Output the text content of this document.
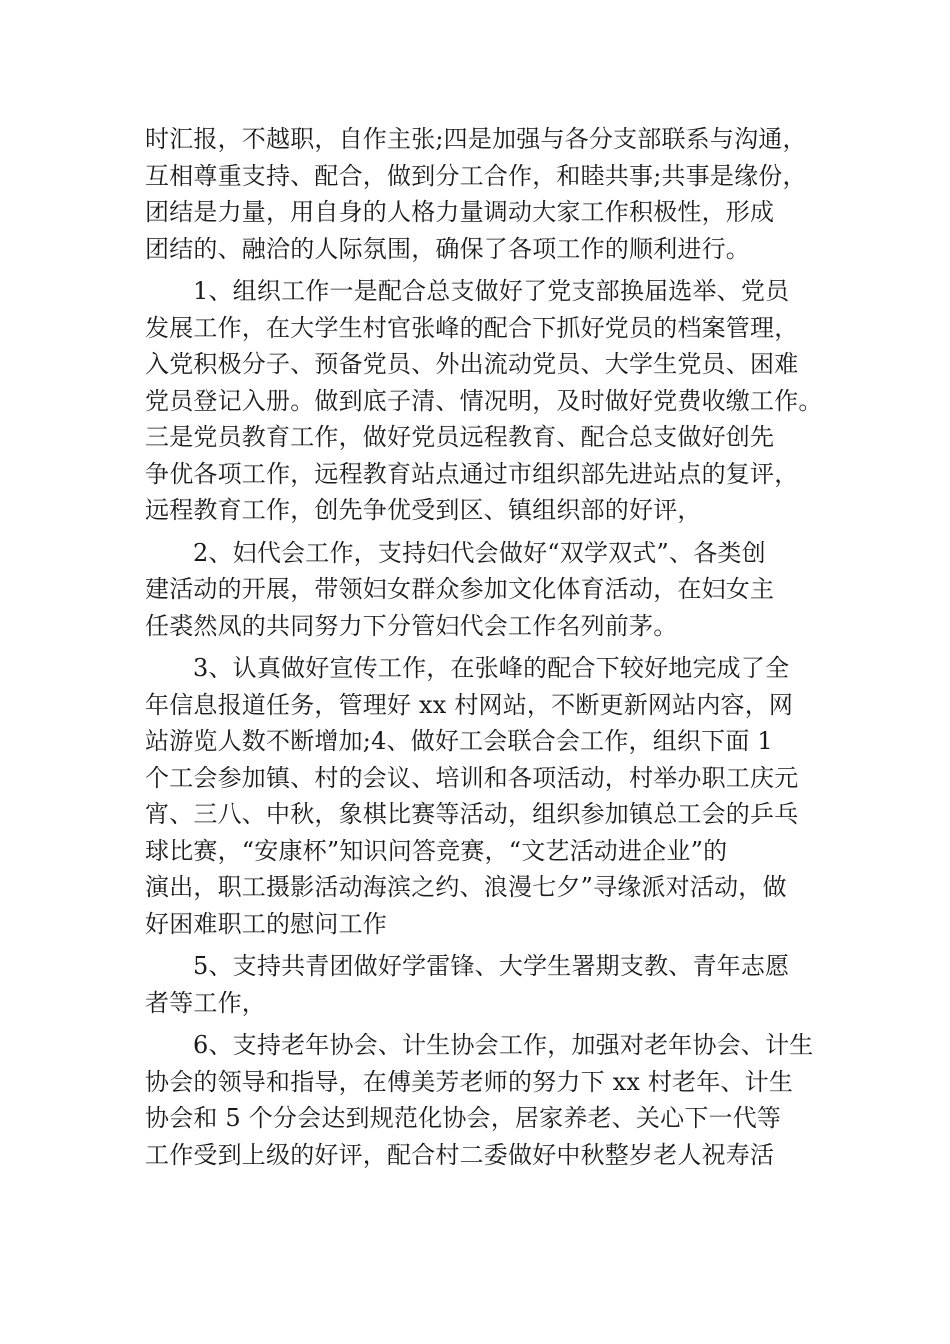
时汇报，不越职，自作主张;四是加强与各分支部联系与沟通，
互相尊重支持、配合，做到分工合作，和睦共事;共事是缘份，
团结是力量，用自身的人格力量调动大家工作积极性，形成
团结的、融洽的人际氛围，确保了各项工作的顺利进行。
1、组织工作一是配合总支做好了党支部换届选举、党员
发展工作，在大学生村官张峰的配合下抓好党员的档案管理，
入党积极分子、预备党员、外出流动党员、大学生党员、困难
党员登记入册。做到底子清、情况明，及时做好党费收缴工作。
三是党员教育工作，做好党员远程教育、配合总支做好创先
争优各项工作，远程教育站点通过市组织部先进站点的复评，
远程教育工作，创先争优受到区、镇组织部的好评，
2、妇代会工作，支持妇代会做好“双学双式”、各类创
建活动的开展，带领妇女群众参加文化体育活动，在妇女主
任裘然凤的共同努力下分管妇代会工作名列前茅。
3、认真做好宣传工作，在张峰的配合下较好地完成了全
年信息报道任务，管理好 xx 村网站，不断更新网站内容，网
站游览人数不断增加;4、做好工会联合会工作，组织下面 1
个工会参加镇、村的会议、培训和各项活动，村举办职工庆元
宵、三八、中秋，象棋比赛等活动，组织参加镇总工会的乒乓
球比赛，“安康杯”知识问答竞赛，“文艺活动进企业”的
演出，职工摄影活动海滨之约、浪漫七夕”寻缘派对活动，做
好困难职工的慰问工作
5、支持共青团做好学雷锋、大学生署期支教、青年志愿
者等工作，
6、支持老年协会、计生协会工作，加强对老年协会、计生
协会的领导和指导，在傅美芳老师的努力下 xx 村老年、计生
协会和 5 个分会达到规范化协会，居家养老、关心下一代等
工作受到上级的好评，配合村二委做好中秋整岁老人祝寿活
